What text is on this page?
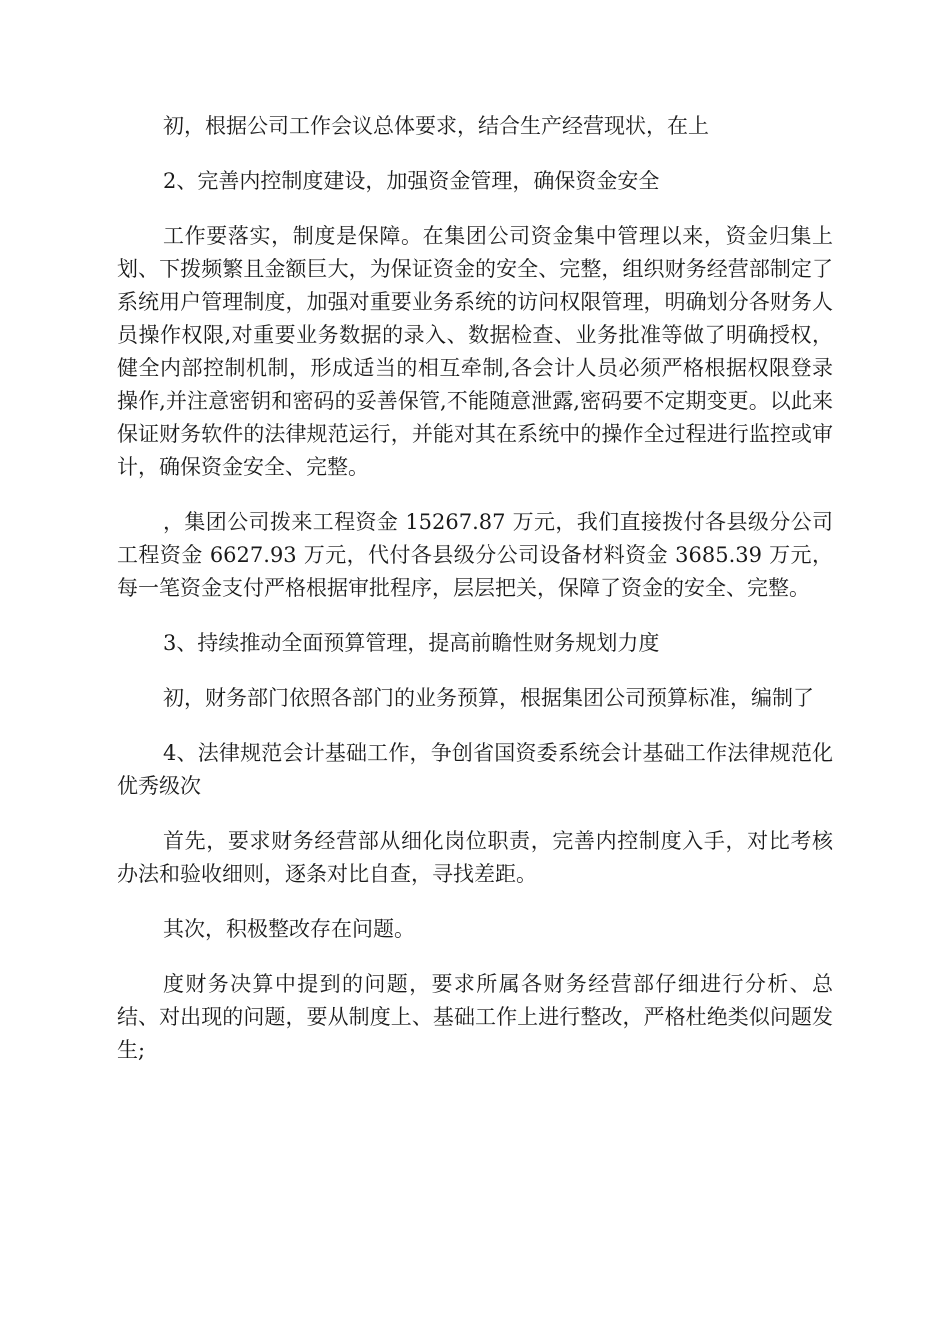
初，根据公司工作会议总体要求，结合生产经营现状，在上

2、完善内控制度建设，加强资金管理，确保资金安全

工作要落实，制度是保障。在集团公司资金集中管理以来，资金归集上划、下拨频繁且金额巨大，为保证资金的安全、完整，组织财务经营部制定了系统用户管理制度，加强对重要业务系统的访问权限管理，明确划分各财务人员操作权限,对重要业务数据的录入、数据检查、业务批准等做了明确授权，健全内部控制机制，形成适当的相互牵制,各会计人员必须严格根据权限登录操作,并注意密钥和密码的妥善保管,不能随意泄露,密码要不定期变更。以此来保证财务软件的法律规范运行，并能对其在系统中的操作全过程进行监控或审计，确保资金安全、完整。

，集团公司拨来工程资金 15267.87 万元，我们直接拨付各县级分公司工程资金 6627.93 万元，代付各县级分公司设备材料资金 3685.39 万元，每一笔资金支付严格根据审批程序，层层把关，保障了资金的安全、完整。

3、持续推动全面预算管理，提高前瞻性财务规划力度

初，财务部门依照各部门的业务预算，根据集团公司预算标准，编制了

4、法律规范会计基础工作，争创省国资委系统会计基础工作法律规范化优秀级次

首先，要求财务经营部从细化岗位职责，完善内控制度入手，对比考核办法和验收细则，逐条对比自查，寻找差距。

其次，积极整改存在问题。

度财务决算中提到的问题，要求所属各财务经营部仔细进行分析、总结、对出现的问题，要从制度上、基础工作上进行整改，严格杜绝类似问题发生;
